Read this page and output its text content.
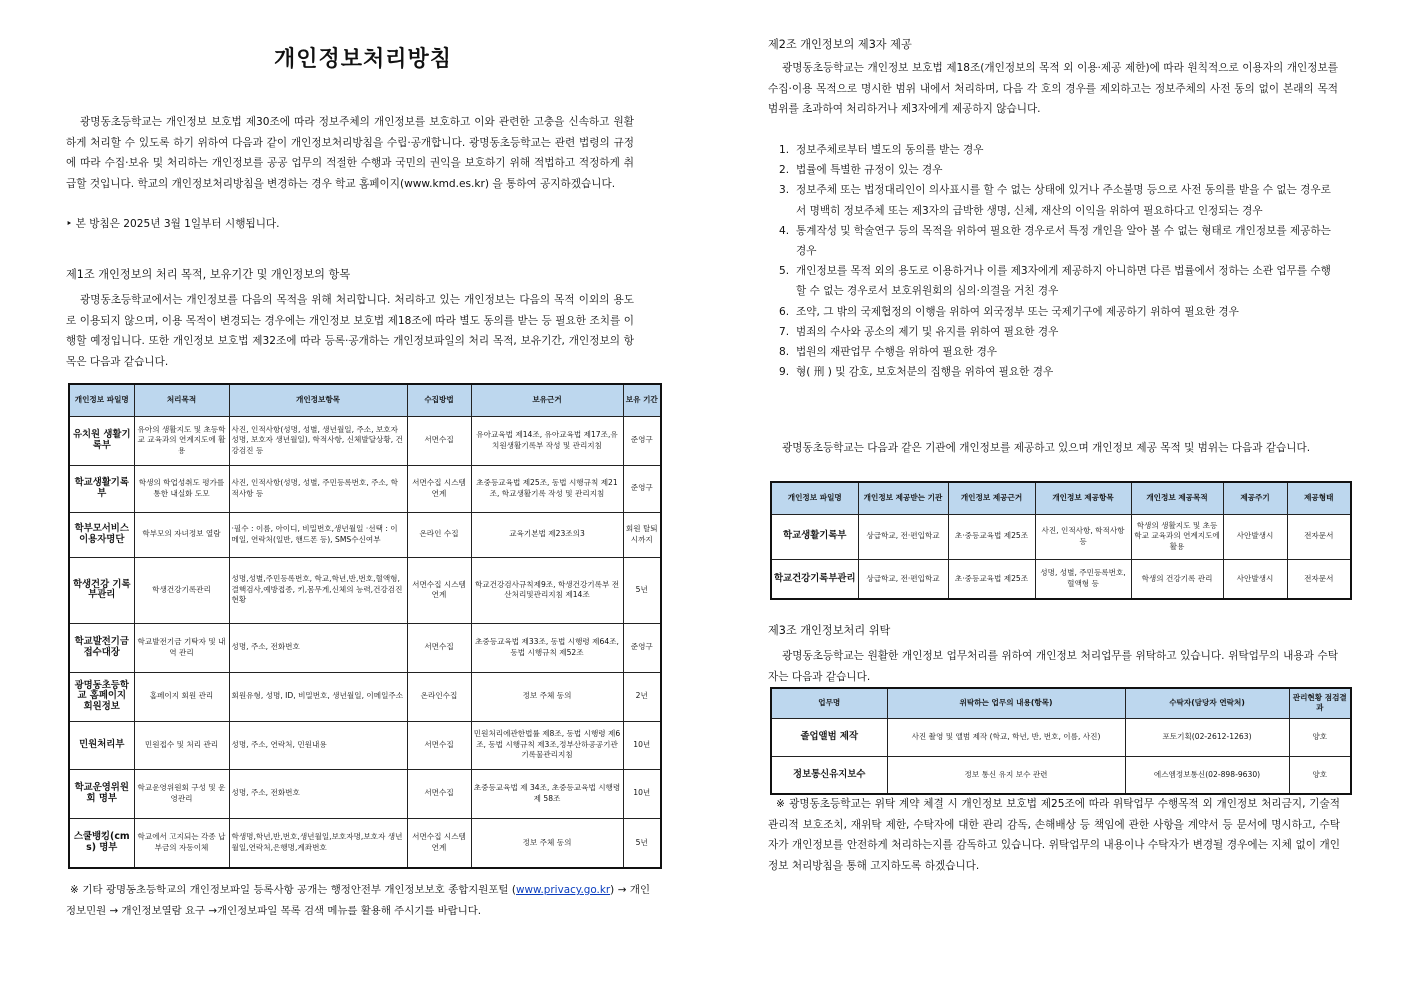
개인정보처리방침

광명동초등학교는 개인정보 보호법 제30조에 따라 정보주체의 개인정보를 보호하고 이와 관련한 고충을 신속하고 원활하게 처리할 수 있도록 하기 위하여 다음과 같이 개인정보처리방침을 수립·공개합니다. 광명동초등학교는 관련 법령의 규정에 따라 수집·보유 및 처리하는 개인정보를 공공 업무의 적절한 수행과 국민의 권익을 보호하기 위해 적법하고 적정하게 취급할 것입니다. 학교의 개인정보처리방침을 변경하는 경우 학교 홈페이지(www.kmd.es.kr) 을 통하여 공지하겠습니다.

‣ 본 방침은 2025년 3월 1일부터 시행됩니다.

제1조 개인정보의 처리 목적, 보유기간 및 개인정보의 항목

광명동초등학교에서는 개인정보를 다음의 목적을 위해 처리합니다. 처리하고 있는 개인정보는 다음의 목적 이외의 용도로 이용되지 않으며, 이용 목적이 변경되는 경우에는 개인정보 보호법 제18조에 따라 별도 동의를 받는 등 필요한 조치를 이행할 예정입니다. 또한 개인정보 보호법 제32조에 따라 등록·공개하는 개인정보파일의 처리 목적, 보유기간, 개인정보의 항목은 다음과 같습니다.

개인정보 파일명	처리목적	개인정보항목	수집방법	보유근거	보유 기간
유치원 생활기록부	유아의 생활지도 및 초등학교 교육과의 연계지도에 활용	사진, 인적사항(성명, 성별, 생년월일, 주소, 보호자 성명, 보호자 생년월일), 학적사항, 신체발달상황, 건강검진 등	서면수집	유아교육법 제14조, 유아교육법 제17조,유치원생활기록부 작성 및 관리지침	준영구
학교생활기록부	학생의 학업성취도 평가를 통한 내실화 도모	사진, 인적사항(성명, 성별, 주민등록번호, 주소, 학적사항 등	서면수집 시스템 연계	초중등교육법 제25조, 동법 시행규칙 제21조, 학교생활기록 작성 및 관리지침	준영구
학부모서비스 이용자명단	학부모의 자녀정보 열람	·필수 : 이름, 아이디, 비밀번호,생년월일 ·선택 : 이메일, 연락처(일반, 핸드폰 등), SMS수신여부	온라인 수집	교육기본법 제23조의3	회원 탈퇴시까지
학생건강 기록부관리	학생건강기록관리	성명,성별,주민등록번호, 학교,학년,반,번호,혈액형,결핵검사,예방접종, 키,몸무게,신체의 능력,건강검진현황	서면수집 시스템 연계	학교건강검사규칙제9조, 학생건강기록부 전산처리및관리지침 제14조	5년
학교발전기금 접수대장	학교발전기금 기탁자 및 내역 관리	성명, 주소, 전화번호	서면수집	초중등교육법 제33조, 동법 시행령 제64조, 동법 시행규칙 제52조	준영구
광명동초등학교 홈페이지 회원정보	홈페이지 회원 관리	회원유형, 성명, ID, 비밀번호, 생년월일, 이메일주소	온라인수집	정보 주체 동의	2년
민원처리부	민원접수 및 처리 관리	성명, 주소, 연락처, 민원내용	서면수집	민원처리에관한법률 제8조, 동법 시행령 제6조, 동법 시행규칙 제3조,정부산하공공기관 기록물관리지침	10년
학교운영위원회 명부	학교운영위원회 구성 및 운영관리	성명, 주소, 전화번호	서면수집	초중등교육법 제 34조, 초중등교육법 시행령 제 58조	10년
스쿨뱅킹(cms) 명부	학교에서 고지되는 각종 납부금의 자동이체	학생명,학년,반,번호,생년월일,보호자명,보호자 생년월일,연락처,은행명,계좌번호	서면수집 시스템 연계	정보 주체 동의	5년

※ 기타 광명동초등학교의 개인정보파일 등록사항 공개는 행정안전부 개인정보보호 종합지원포털 (www.privacy.go.kr) → 개인정보민원 → 개인정보열람 요구 →개인정보파일 목록 검색 메뉴를 활용해 주시기를 바랍니다.

제2조 개인정보의 제3자 제공

광명동초등학교는 개인정보 보호법 제18조(개인정보의 목적 외 이용·제공 제한)에 따라 원칙적으로 이용자의 개인정보를 수집·이용 목적으로 명시한 범위 내에서 처리하며, 다음 각 호의 경우를 제외하고는 정보주체의 사전 동의 없이 본래의 목적 범위를 초과하여 처리하거나 제3자에게 제공하지 않습니다.

1. 정보주체로부터 별도의 동의를 받는 경우
2. 법률에 특별한 규정이 있는 경우
3. 정보주체 또는 법정대리인이 의사표시를 할 수 없는 상태에 있거나 주소불명 등으로 사전 동의를 받을 수 없는 경우로서 명백히 정보주체 또는 제3자의 급박한 생명, 신체, 재산의 이익을 위하여 필요하다고 인정되는 경우
4. 통계작성 및 학술연구 등의 목적을 위하여 필요한 경우로서 특정 개인을 알아 볼 수 없는 형태로 개인정보를 제공하는 경우
5. 개인정보를 목적 외의 용도로 이용하거나 이를 제3자에게 제공하지 아니하면 다른 법률에서 정하는 소관 업무를 수행할 수 없는 경우로서 보호위원회의 심의·의결을 거친 경우
6. 조약, 그 밖의 국제협정의 이행을 위하여 외국정부 또는 국제기구에 제공하기 위하여 필요한 경우
7. 범죄의 수사와 공소의 제기 및 유지를 위하여 필요한 경우
8. 법원의 재판업무 수행을 위하여 필요한 경우
9. 형( 刑 ) 및 감호, 보호처분의 집행을 위하여 필요한 경우

광명동초등학교는 다음과 같은 기관에 개인정보를 제공하고 있으며 개인정보 제공 목적 및 범위는 다음과 같습니다.

개인정보 파일명	개인정보 제공받는 기관	개인정보 제공근거	개인정보 제공항목	개인정보 제공목적	제공주기	제공형태
학교생활기록부	상급학교, 전·편입학교	초·중등교육법 제25조	사진, 인적사항, 학적사항 등	학생의 생활지도 및 초등학교 교육과의 연계지도에 활용	사안발생시	전자문서
학교건강기록부관리	상급학교, 전·편입학교	초·중등교육법 제25조	성명, 성별, 주민등록번호, 혈액형 등	학생의 건강기록 관리	사안발생시	전자문서

제3조 개인정보처리 위탁

광명동초등학교는 원활한 개인정보 업무처리를 위하여 개인정보 처리업무를 위탁하고 있습니다. 위탁업무의 내용과 수탁자는 다음과 같습니다.

업무명	위탁하는 업무의 내용(항목)	수탁자(담당자 연락처)	관리현황 점검결과
졸업앨범 제작	사진 촬영 및 앨범 제작 (학교, 학년, 반, 번호, 이름, 사진)	포토기획(02-2612-1263)	양호
정보통신유지보수	정보 통신 유지 보수 관련	에스엠정보통신(02-898-9630)	양호

※ 광명동초등학교는 위탁 계약 체결 시 개인정보 보호법 제25조에 따라 위탁업무 수행목적 외 개인정보 처리금지, 기술적 관리적 보호조치, 재위탁 제한, 수탁자에 대한 관리 감독, 손해배상 등 책임에 관한 사항을 계약서 등 문서에 명시하고, 수탁자가 개인정보를 안전하게 처리하는지를 감독하고 있습니다. 위탁업무의 내용이나 수탁자가 변경될 경우에는 지체 없이 개인정보 처리방침을 통해 고지하도록 하겠습니다.
